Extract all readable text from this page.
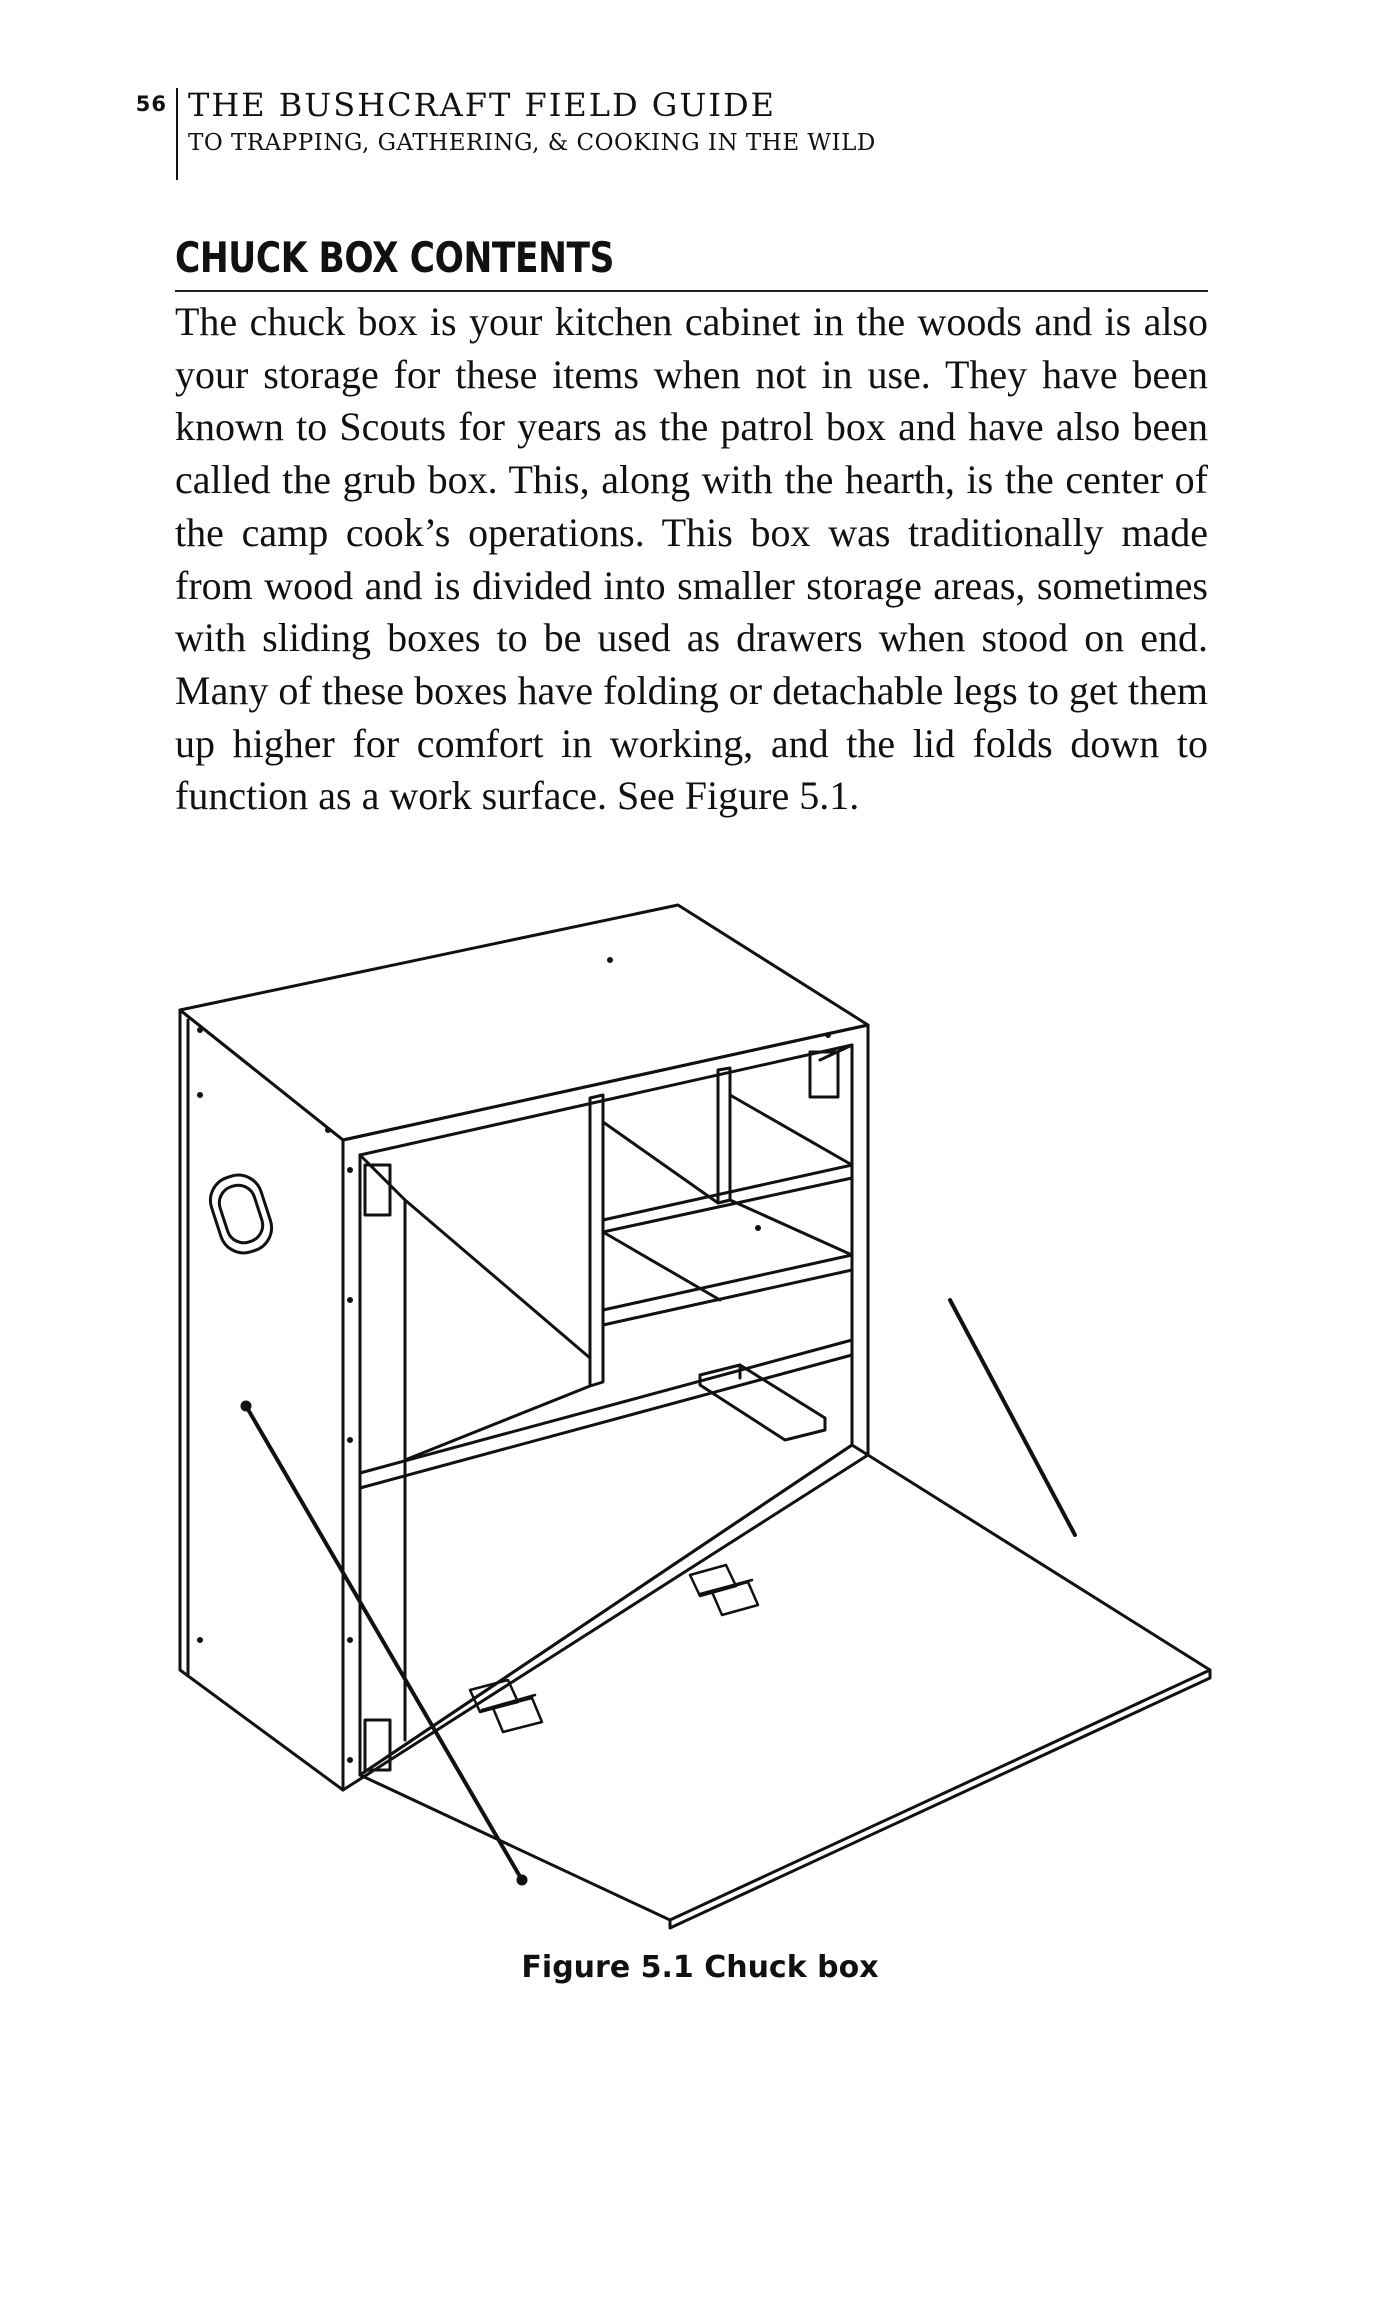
56 THE BUSHCRAFT FIELD GUIDE
TO TRAPPING, GATHERING, & COOKING IN THE WILD
CHUCK BOX CONTENTS

The chuck box is your kitchen cabinet in the woods and is also your storage for these items when not in use. They have been known to Scouts for years as the patrol box and have also been called the grub box. This, along with the hearth, is the center of the camp cook’s operations. This box was traditionally made from wood and is divided into smaller storage areas, sometimes with sliding boxes to be used as drawers when stood on end. Many of these boxes have folding or detachable legs to get them up higher for comfort in working, and the lid folds down to function as a work surface. See Figure 5.1.

Figure 5.1 Chuck box
